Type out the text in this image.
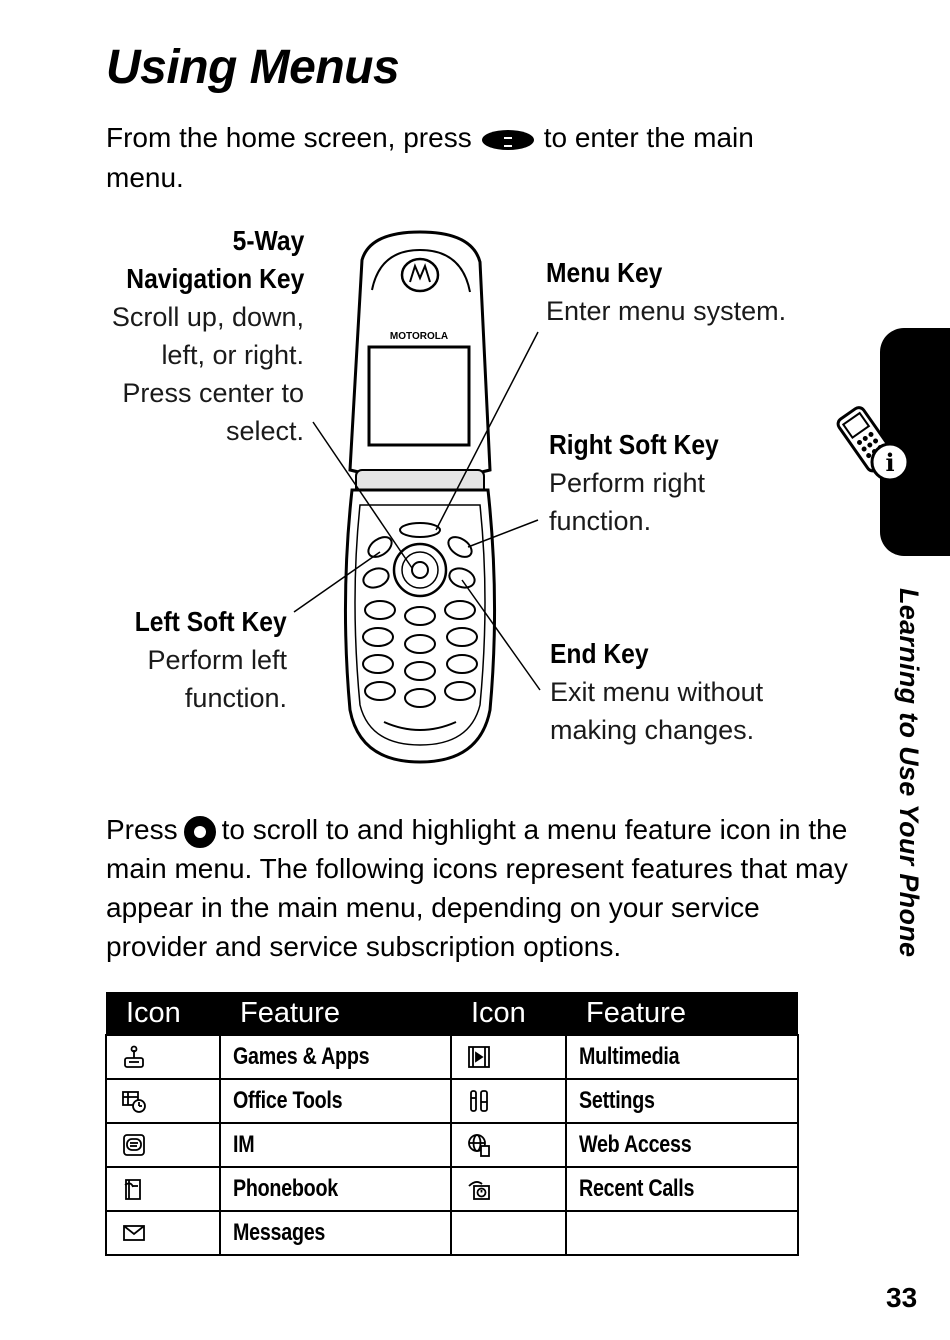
Using Menus
From the home screen, press	to enter the main menu.
MOTOROLA
5-Way
Navigation Key
Scroll up, down,
left, or right.
Press center to
select.
Menu Key
Enter menu system.
Right Soft Key
Perform right
function.
Left Soft Key
Perform left
function.
End Key
Exit menu without
making changes.
Press to scroll to and highlight a menu feature icon in the main menu. The following icons represent features that may appear in the main menu, depending on your service provider and service subscription options.
Icon	Feature	Icon	Feature

	Games & Apps		Multimedia

	Office Tools		Settings

	IM		Web Access

	Phonebook		Recent Calls

	Messages		
i
Learning to Use Your Phone
33
